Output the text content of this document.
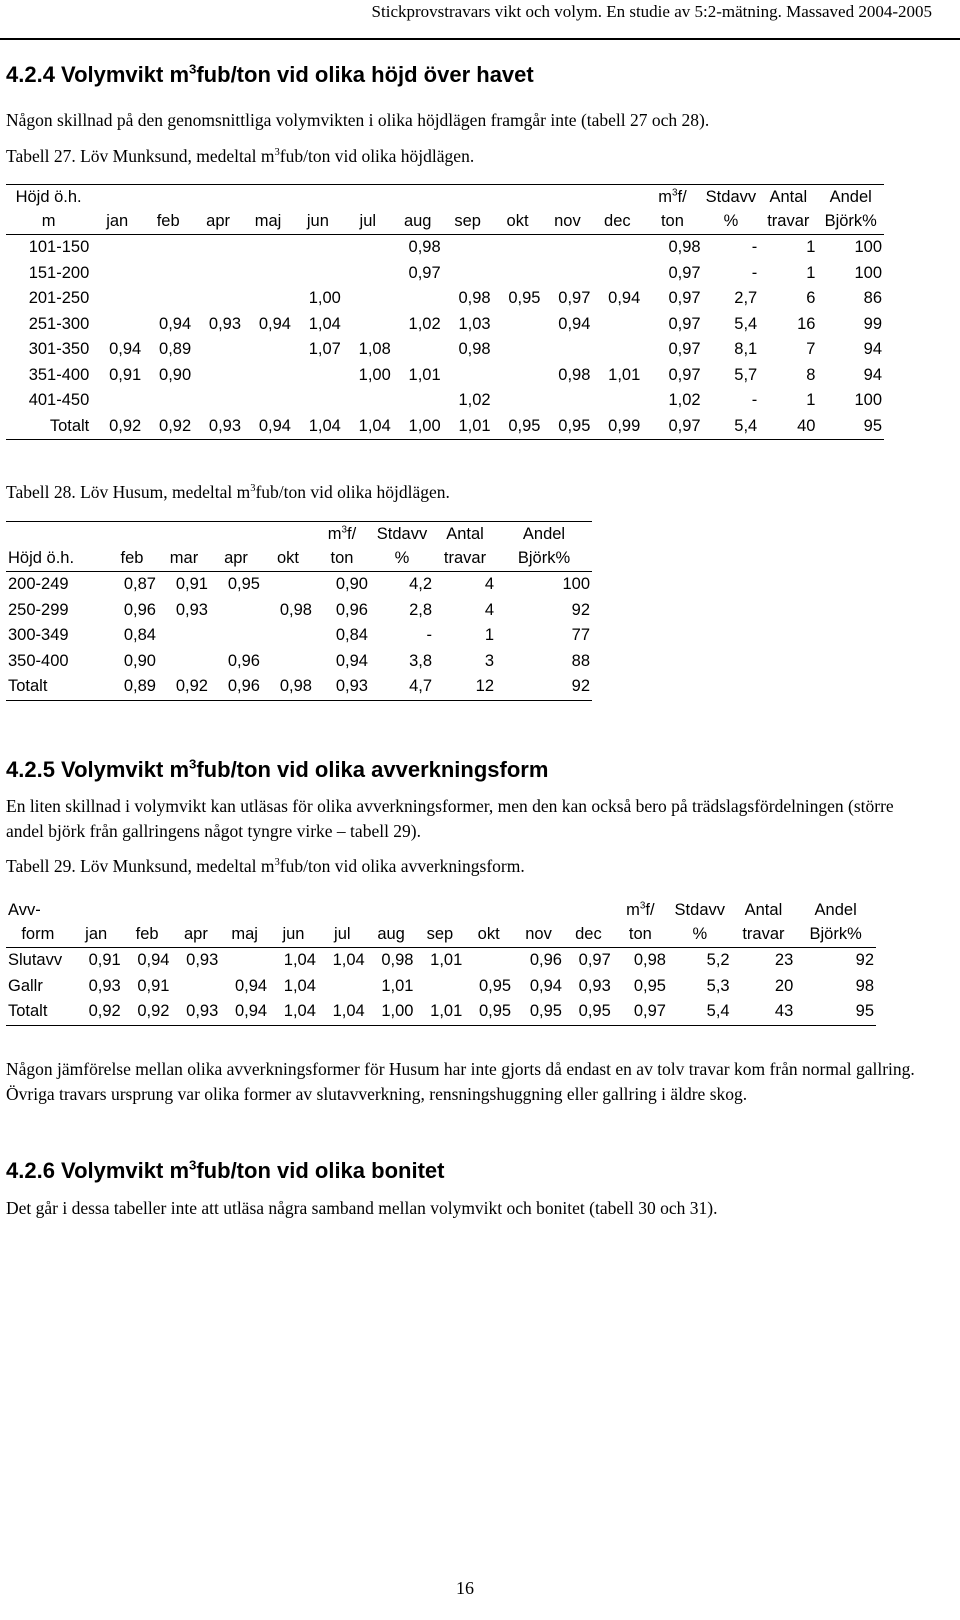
Stickprovstravars vikt och volym. En studie av 5:2-mätning. Massaved 2004-2005
4.2.4 Volymvikt $m^3fub$/ton vid olika höjd över havet
Någon skillnad på den genomsnittliga volymvikten i olika höjdlägen framgår inte (tabell 27 och 28).
Tabell 27. Löv Munksund, medeltal $m^3fub$/ton vid olika höjdlägen.
Höjd ö.h.												$m^3f/$	Stdavv	Antal	Andel
m	jan	feb	apr	maj	jun	jul	aug	sep	okt	nov	dec	ton	%	travar	Björk%
101-150							0,98					0,98	-	1	100
151-200							0,97					0,97	-	1	100
201-250					1,00			0,98	0,95	0,97	0,94	0,97	2,7	6	86
251-300		0,94	0,93	0,94	1,04		1,02	1,03		0,94		0,97	5,4	16	99
301-350	0,94	0,89			1,07	1,08		0,98				0,97	8,1	7	94
351-400	0,91	0,90				1,00	1,01			0,98	1,01	0,97	5,7	8	94
401-450								1,02				1,02	-	1	100
Totalt	0,92	0,92	0,93	0,94	1,04	1,04	1,00	1,01	0,95	0,95	0,99	0,97	5,4	40	95
Tabell 28. Löv Husum, medeltal $m^3fub$/ton vid olika höjdlägen.
					$m^3f/$	Stdavv	Antal	Andel
Höjd ö.h.	feb	mar	apr	okt	ton	%	travar	Björk%
200-249	0,87	0,91	0,95		0,90	4,2	4	100
250-299	0,96	0,93		0,98	0,96	2,8	4	92
300-349	0,84				0,84	-	1	77
350-400	0,90		0,96		0,94	3,8	3	88
Totalt	0,89	0,92	0,96	0,98	0,93	4,7	12	92
4.2.5 Volymvikt $m^3fub$/ton vid olika avverkningsform
En liten skillnad i volymvikt kan utläsas för olika avverkningsformer, men den kan också bero på trädslagsfördelningen (större andel björk från gallringens något tyngre virke – tabell 29).
Tabell 29. Löv Munksund, medeltal $m^3fub$/ton vid olika avverkningsform.
Avv-												$m^3f/$	Stdavv	Antal	Andel
form	jan	feb	apr	maj	jun	jul	aug	sep	okt	nov	dec	ton	%	travar	Björk%
Slutavv	0,91	0,94	0,93		1,04	1,04	0,98	1,01		0,96	0,97	0,98	5,2	23	92
Gallr	0,93	0,91		0,94	1,04		1,01		0,95	0,94	0,93	0,95	5,3	20	98
Totalt	0,92	0,92	0,93	0,94	1,04	1,04	1,00	1,01	0,95	0,95	0,95	0,97	5,4	43	95
Någon jämförelse mellan olika avverkningsformer för Husum har inte gjorts då endast en av tolv travar kom från normal gallring. Övriga travars ursprung var olika former av slutavverkning, rensningshuggning eller gallring i äldre skog.
4.2.6 Volymvikt $m^3fub$/ton vid olika bonitet
Det går i dessa tabeller inte att utläsa några samband mellan volymvikt och bonitet (tabell 30 och 31).
16
